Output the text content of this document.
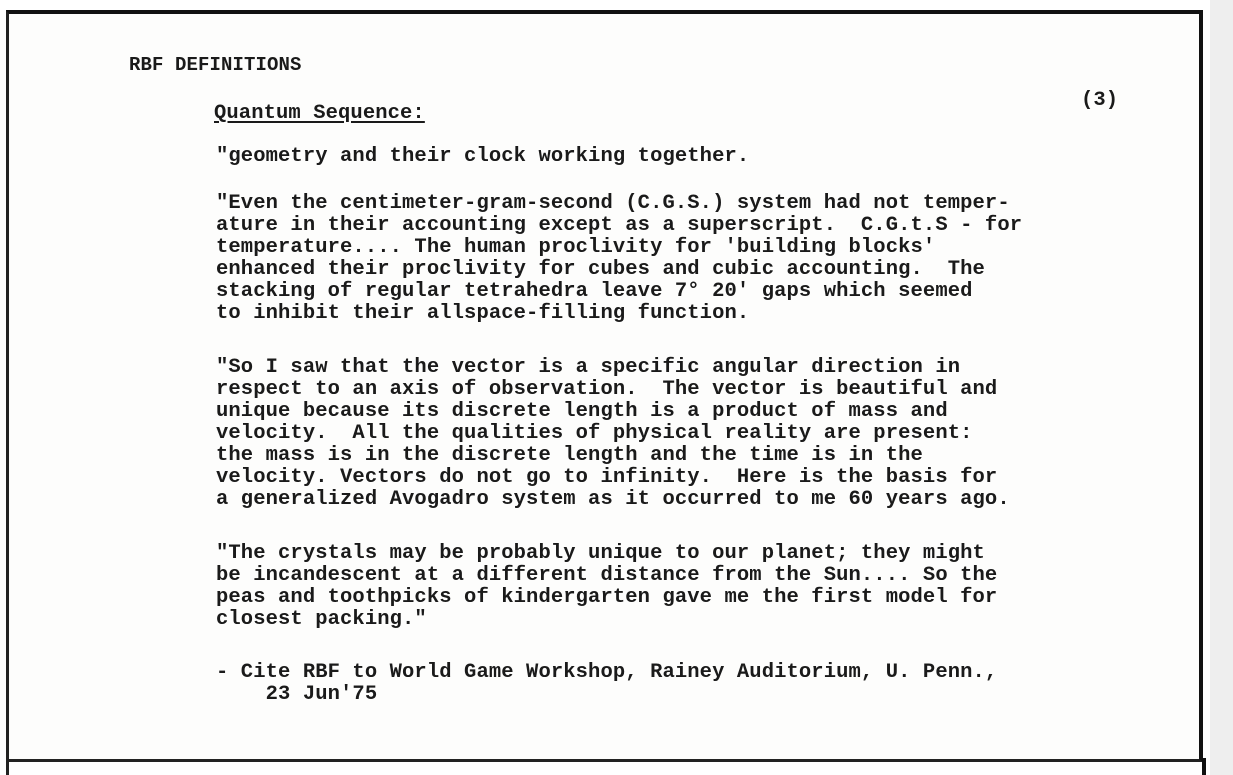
RBF DEFINITIONS
Quantum Sequence:
(3)
"geometry and their clock working together.
"Even the centimeter-gram-second (C.G.S.) system had not temper-
ature in their accounting except as a superscript.  C.G.t.S - for
temperature.... The human proclivity for 'building blocks'
enhanced their proclivity for cubes and cubic accounting.  The
stacking of regular tetrahedra leave 7° 20' gaps which seemed
to inhibit their allspace-filling function.
"So I saw that the vector is a specific angular direction in
respect to an axis of observation.  The vector is beautiful and
unique because its discrete length is a product of mass and
velocity.  All the qualities of physical reality are present:
the mass is in the discrete length and the time is in the
velocity. Vectors do not go to infinity.  Here is the basis for
a generalized Avogadro system as it occurred to me 60 years ago.
"The crystals may be probably unique to our planet; they might
be incandescent at a different distance from the Sun.... So the
peas and toothpicks of kindergarten gave me the first model for
closest packing."
- Cite RBF to World Game Workshop, Rainey Auditorium, U. Penn.,
23 Jun'75
